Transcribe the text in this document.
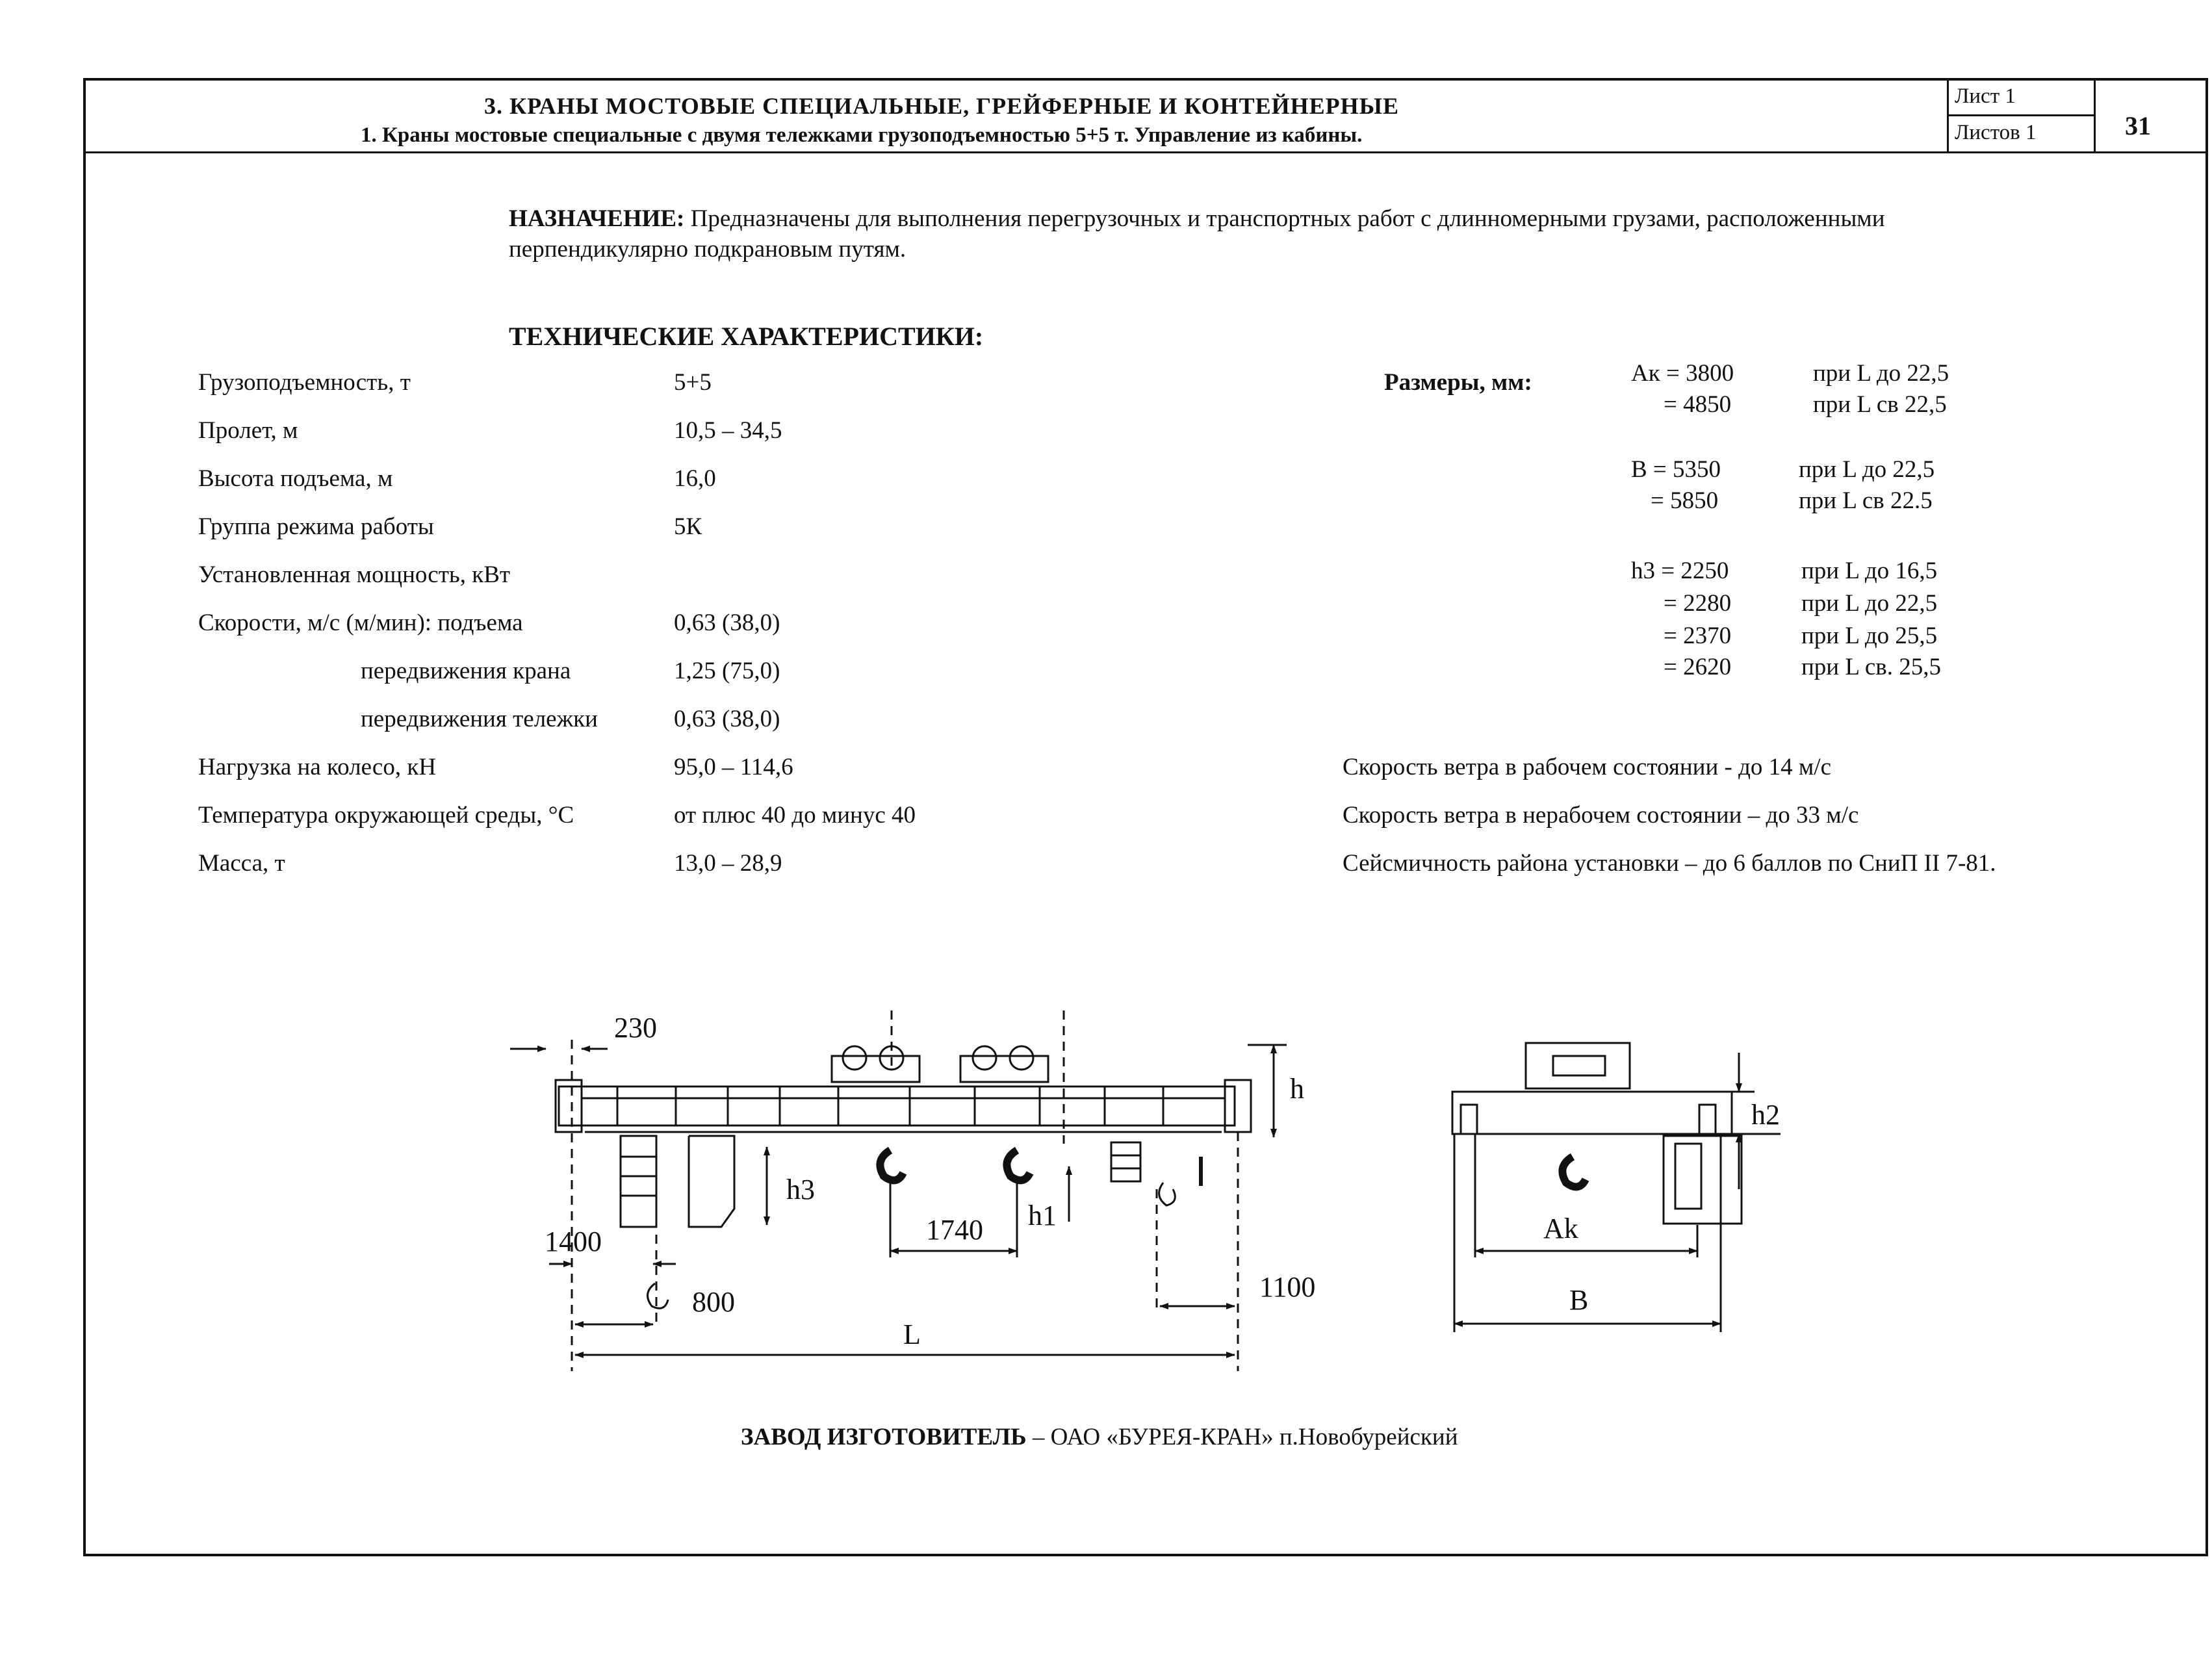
3. КРАНЫ МОСТОВЫЕ СПЕЦИАЛЬНЫЕ, ГРЕЙФЕРНЫЕ И КОНТЕЙНЕРНЫЕ
1. Краны мостовые специальные с двумя тележками грузоподъемностью 5+5 т. Управление из кабины.
Лист 1
Листов 1	31
НАЗНАЧЕНИЕ: Предназначены для выполнения перегрузочных и транспортных работ с длинномерными грузами, расположенными
перпендикулярно подкрановым путям.
ТЕХНИЧЕСКИЕ ХАРАКТЕРИСТИКИ:
Грузоподъемность, т	5+5
Пролет, м	10,5 – 34,5
Высота подъема, м	16,0
Группа режима работы	5К
Установленная мощность, кВт
Скорости, м/с (м/мин): подъема	0,63 (38,0)
передвижения крана	1,25 (75,0)
передвижения тележки	0,63 (38,0)
Нагрузка на колесо, кН	95,0 – 114,6
Температура окружающей среды, °С	от плюс 40 до минус 40
Масса, т	13,0 – 28,9
Размеры, мм:	Ак = 3800	при L до 22,5
= 4850	при L св 22,5
В = 5350	при L до 22,5
= 5850	при L св 22.5
h3 = 2250	при L до 16,5
= 2280	при L до 22,5
= 2370	при L до 25,5
= 2620	при L св. 25,5
Скорость ветра в рабочем состоянии - до 14 м/с
Скорость ветра в нерабочем состоянии – до 33 м/с
Сейсмичность района установки – до 6 баллов по СниП II 7-81.
230
h
h3
h1
1740
1400
800	1100
L
h2
Ak
B
ЗАВОД ИЗГОТОВИТЕЛЬ – ОАО «БУРЕЯ-КРАН» п.Новобурейский
